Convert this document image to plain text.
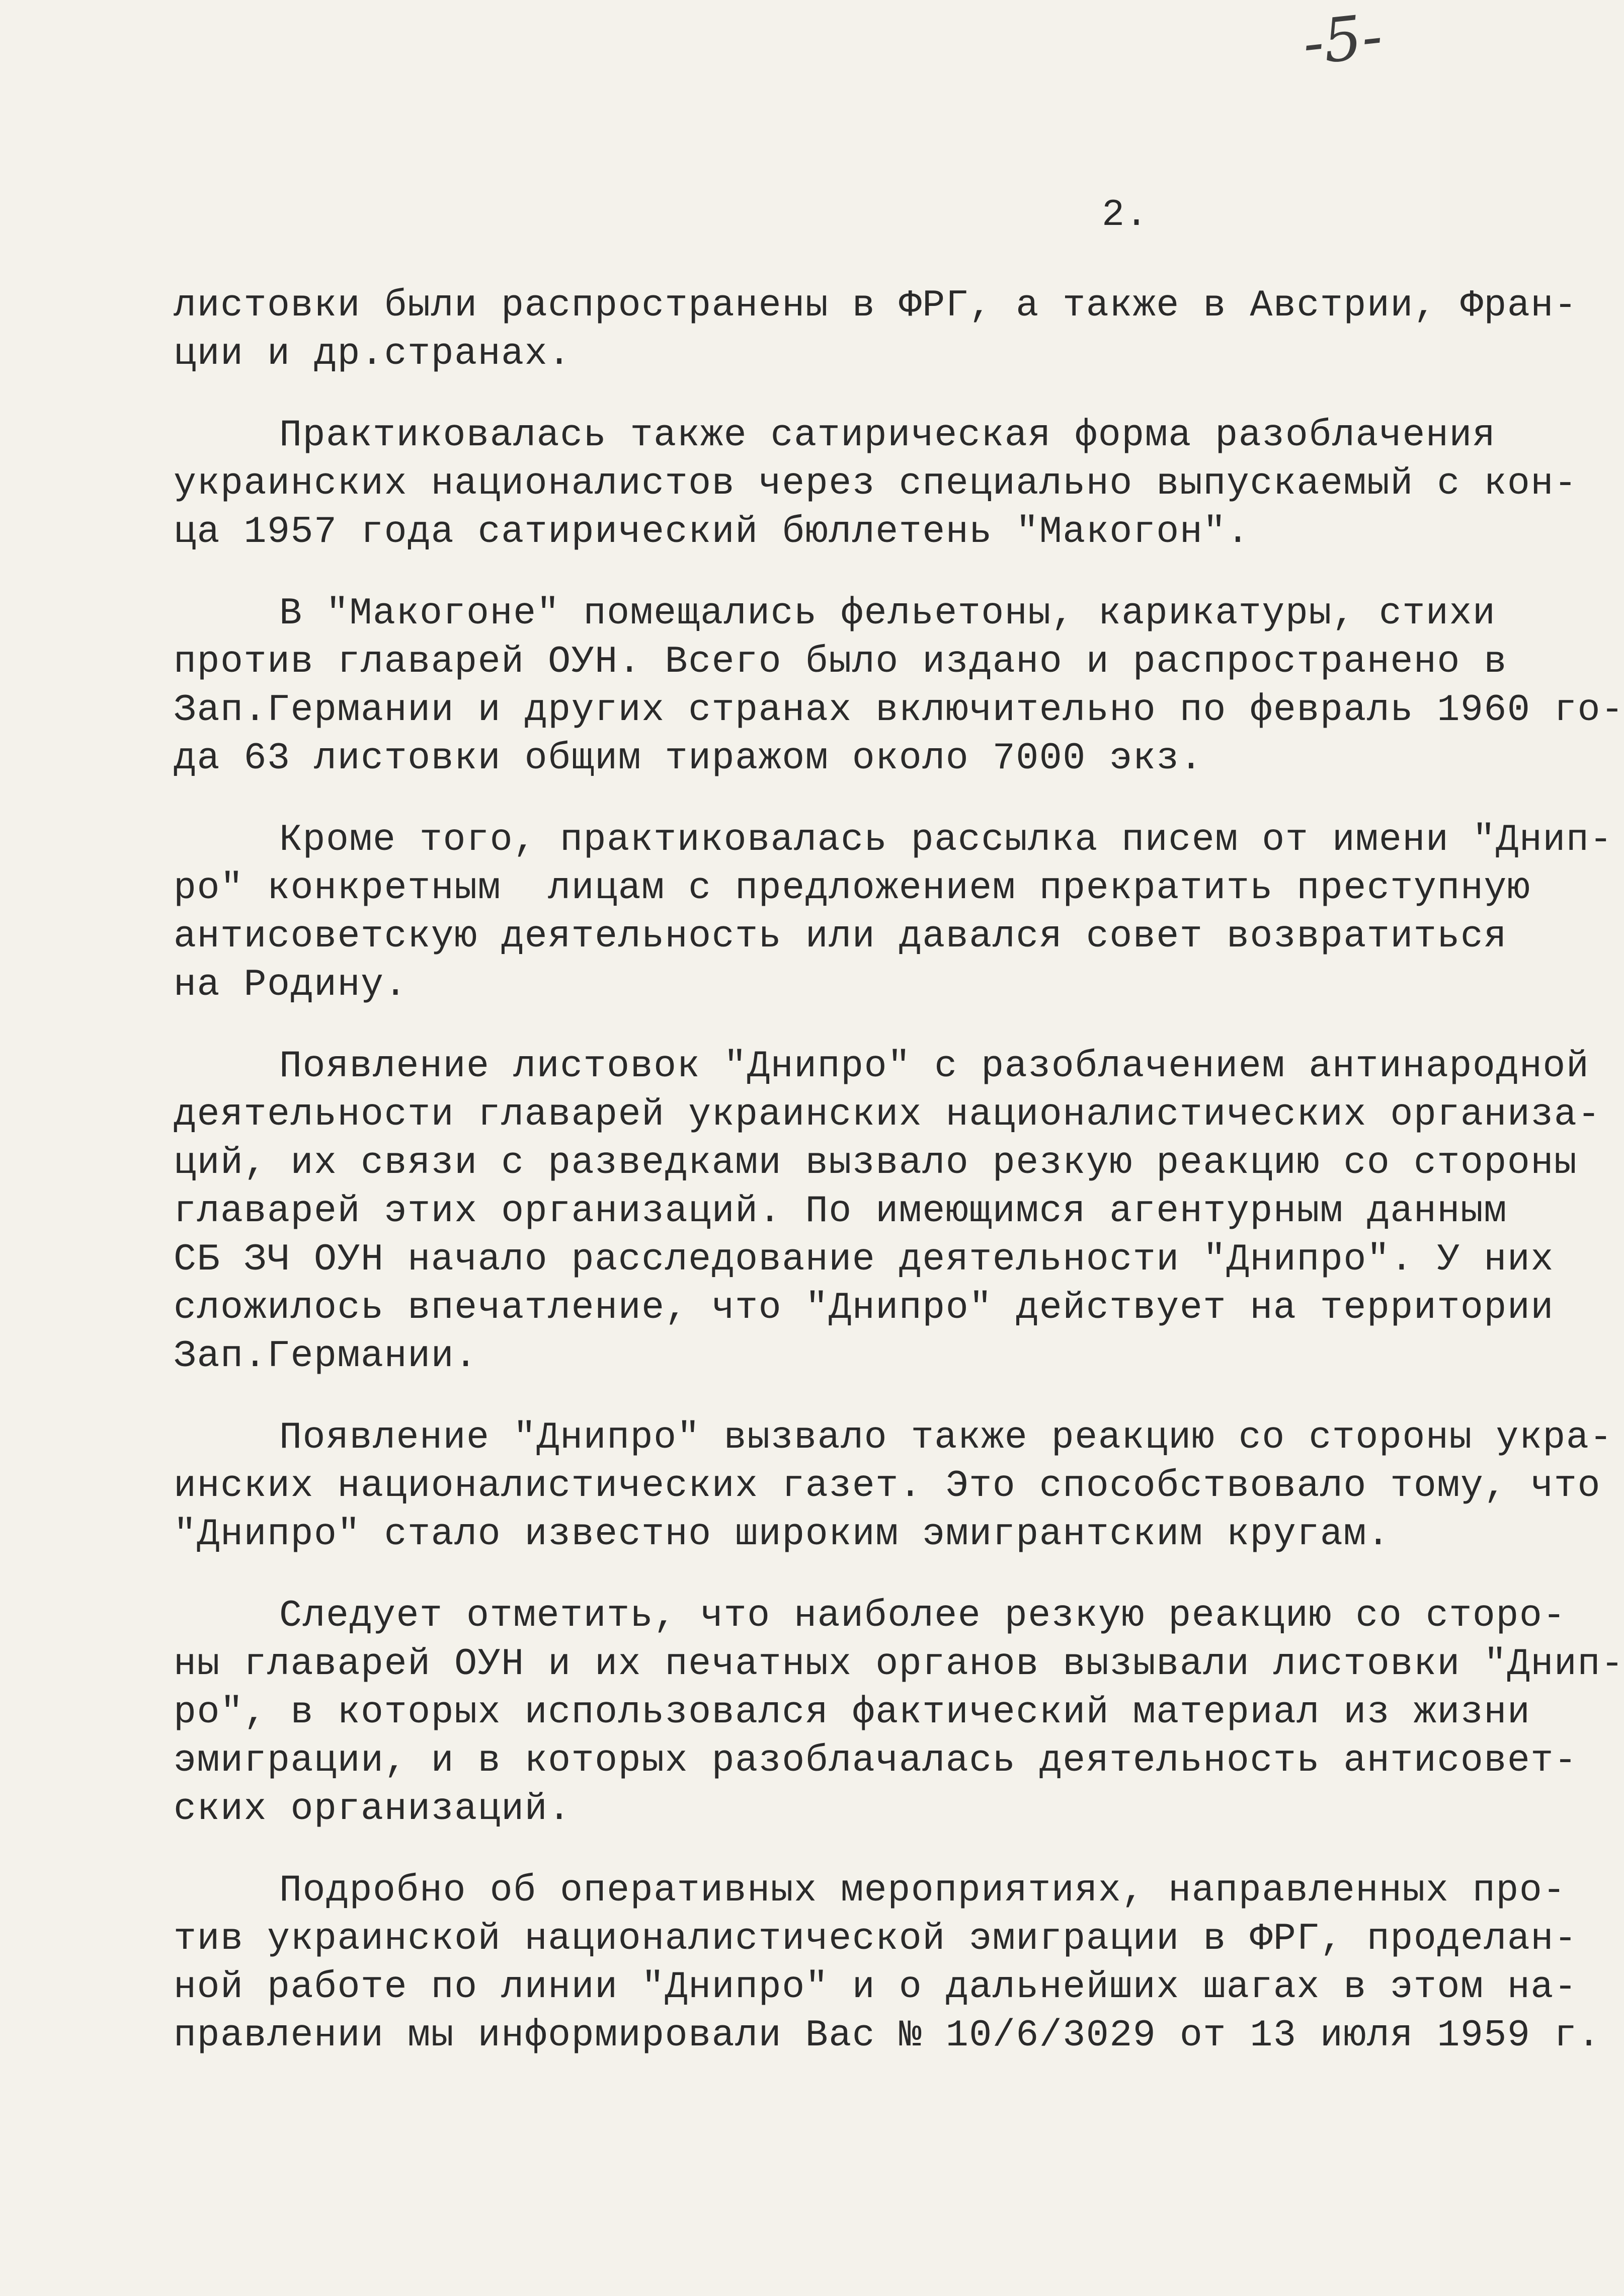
-5-
2.
листовки были распространены в ФРГ, а также в Австрии, Фран-
ции и др.странах.
Практиковалась также сатирическая форма разоблачения
украинских националистов через специально выпускаемый с кон-
ца 1957 года сатирический бюллетень "Макогон".
В "Макогоне" помещались фельетоны, карикатуры, стихи
против главарей ОУН. Всего было издано и распространено в
Зап.Германии и других странах включительно по февраль 1960 го-
да 63 листовки общим тиражом около 7000 экз.
Кроме того, практиковалась рассылка писем от имени "Днип-
ро" конкретным  лицам с предложением прекратить преступную
антисоветскую деятельность или давался совет возвратиться
на Родину.
Появление листовок "Днипро" с разоблачением антинародной
деятельности главарей украинских националистических организа-
ций, их связи с разведками вызвало резкую реакцию со стороны
главарей этих организаций. По имеющимся агентурным данным
СБ ЗЧ ОУН начало расследование деятельности "Днипро". У них
сложилось впечатление, что "Днипро" действует на территории
Зап.Германии.
Появление "Днипро" вызвало также реакцию со стороны укра-
инских националистических газет. Это способствовало тому, что
"Днипро" стало известно широким эмигрантским кругам.
Следует отметить, что наиболее резкую реакцию со сторо-
ны главарей ОУН и их печатных органов вызывали листовки "Днип-
ро", в которых использовался фактический материал из жизни
эмиграции, и в которых разоблачалась деятельность антисовет-
ских организаций.
Подробно об оперативных мероприятиях, направленных про-
тив украинской националистической эмиграции в ФРГ, проделан-
ной работе по линии "Днипро" и о дальнейших шагах в этом на-
правлении мы информировали Вас № 10/6/3029 от 13 июля 1959 г.
